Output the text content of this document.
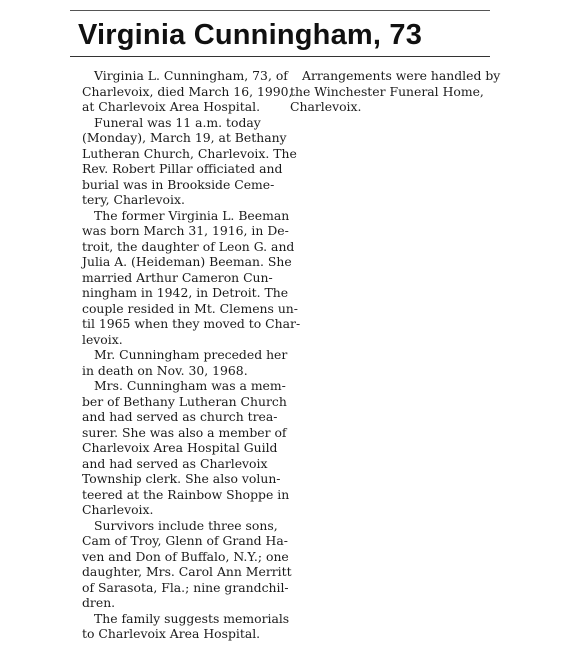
Virginia Cunningham, 73
Virginia L. Cunningham, 73, of
Charlevoix, died March 16, 1990,
at Charlevoix Area Hospital.
Funeral was 11 a.m. today
(Monday), March 19, at Bethany
Lutheran Church, Charlevoix. The
Rev. Robert Pillar officiated and
burial was in Brookside Ceme-
tery, Charlevoix.
The former Virginia L. Beeman
was born March 31, 1916, in De-
troit, the daughter of Leon G. and
Julia A. (Heideman) Beeman. She
married Arthur Cameron Cun-
ningham in 1942, in Detroit. The
couple resided in Mt. Clemens un-
til 1965 when they moved to Char-
levoix.
Mr. Cunningham preceded her
in death on Nov. 30, 1968.
Mrs. Cunningham was a mem-
ber of Bethany Lutheran Church
and had served as church trea-
surer. She was also a member of
Charlevoix Area Hospital Guild
and had served as Charlevoix
Township clerk. She also volun-
teered at the Rainbow Shoppe in
Charlevoix.
Survivors include three sons,
Cam of Troy, Glenn of Grand Ha-
ven and Don of Buffalo, N.Y.; one
daughter, Mrs. Carol Ann Merritt
of Sarasota, Fla.; nine grandchil-
dren.
The family suggests memorials
to Charlevoix Area Hospital.
Arrangements were handled by
the Winchester Funeral Home,
Charlevoix.
